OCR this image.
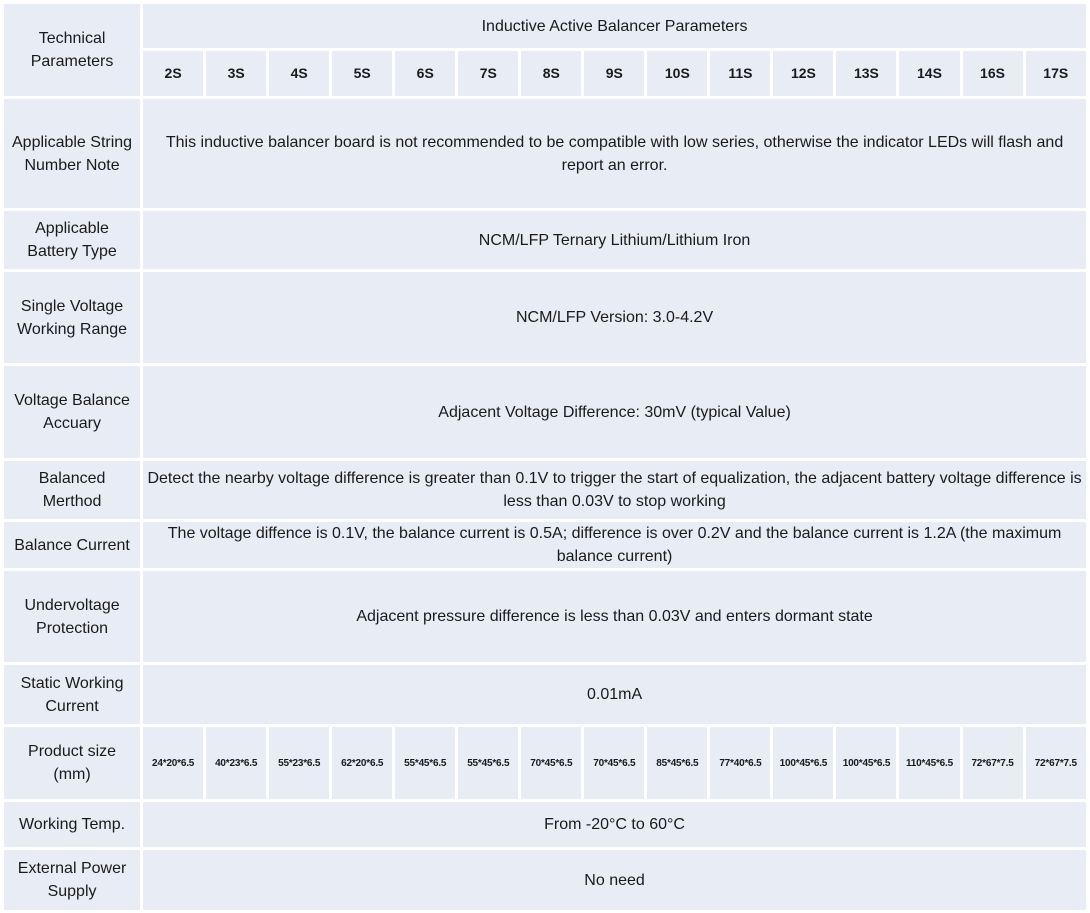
Technical Parameters	Inductive Active Balancer Parameters														
	2S	3S	4S	5S	6S	7S	8S	9S	10S	11S	12S	13S	14S	16S	17S
Applicable String Number Note	This inductive balancer board is not recommended to be compatible with low series, otherwise the indicator LEDs will flash and report an error.														
Applicable Battery Type	NCM/LFP Ternary Lithium/Lithium Iron														
Single Voltage Working Range	NCM/LFP Version: 3.0-4.2V														
Voltage Balance Accuary	Adjacent Voltage Difference: 30mV (typical Value)														
Balanced Merthod	Detect the nearby voltage difference is greater than 0.1V to trigger the start of equalization, the adjacent battery voltage difference is less than 0.03V to stop working														
Balance Current	The voltage diffence is 0.1V, the balance current is 0.5A; difference is over 0.2V and the balance current is 1.2A (the maximum balance current)														
Undervoltage Protection	Adjacent pressure difference is less than 0.03V and enters dormant state														
Static Working Current	0.01mA														
Product size (mm)	24*20*6.5	40*23*6.5	55*23*6.5	62*20*6.5	55*45*6.5	55*45*6.5	70*45*6.5	70*45*6.5	85*45*6.5	77*40*6.5	100*45*6.5	100*45*6.5	110*45*6.5	72*67*7.5	72*67*7.5
Working Temp.	From -20°C to 60°C														
External Power Supply	No need														
